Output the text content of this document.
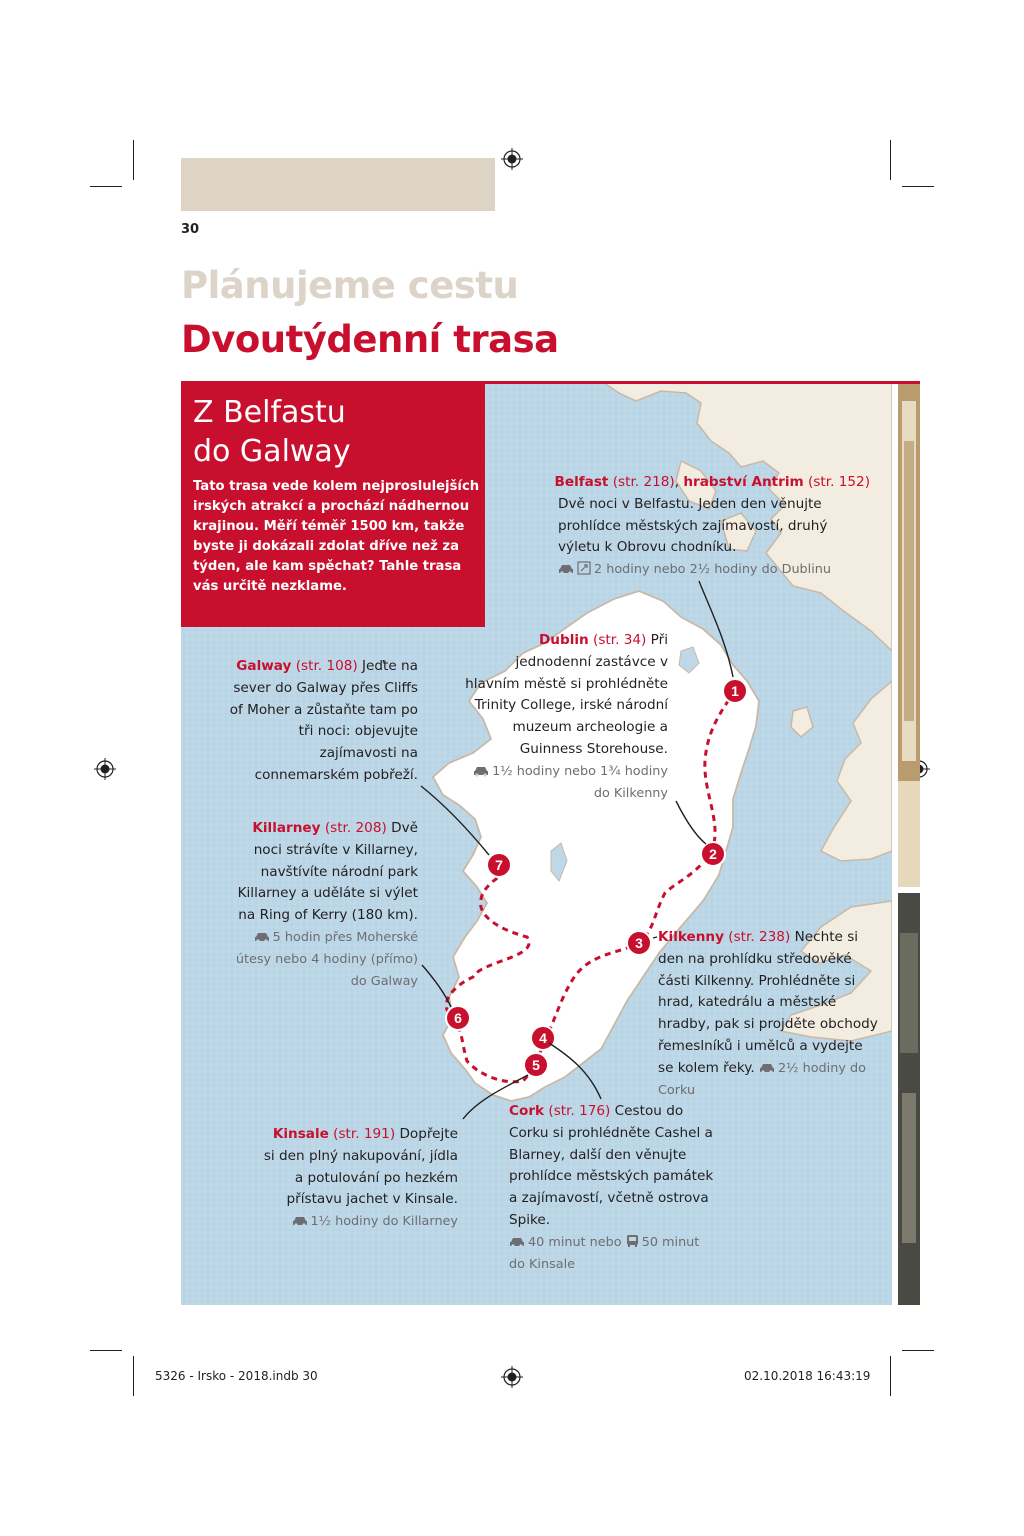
30
Plánujeme cestu
Dvoutýdenní trasa
1
2
3
4
5
6
7
Z Belfastu
do Galway
Tato trasa vede kolem nejproslulejších irských atrakcí a prochází nádhernou krajinou. Měří téměř 1500 km, takže byste ji dokázali zdolat dříve než za týden, ale kam spěchat? Tahle trasa vás určitě nezklame.
Belfast (str. 218), hrabství Antrim (str. 152)
Dvě noci v Belfastu. Jeden den věnujte prohlídce městských zajímavostí, druhý výletu k Obrovu chodníku.
2 hodiny nebo 2½ hodiny do Dublinu
Dublin (str. 34) Při jednodenní zastávce v hlavním městě si prohlédněte Trinity College, irské národní muzeum archeologie a Guinness Storehouse.
1½ hodiny nebo 1¾ hodiny do Kilkenny
Kilkenny (str. 238) Nechte si den na prohlídku středověké části Kilkenny. Prohlédněte si hrad, katedrálu a městské hradby, pak si projděte obchody řemeslníků i umělců a vydejte se kolem řeky. 2½ hodiny do Corku
Cork (str. 176) Cestou do Corku si prohlédněte Cashel a Blarney, další den věnujte prohlídce městských památek a zajímavostí, včetně ostrova Spike.
40 minut nebo 50 minut do Kinsale
Kinsale (str. 191) Dopřejte si den plný nakupování, jídla a potulování po hezkém přístavu jachet v Kinsale.
1½ hodiny do Killarney
Killarney (str. 208) Dvě noci strávíte v Killarney, navštívíte národní park Killarney a uděláte si výlet na Ring of Kerry (180 km).
5 hodin přes Moherské útesy nebo 4 hodiny (přímo) do Galway
Galway (str. 108) Jeďte na sever do Galway přes Cliffs of Moher a zůstaňte tam po tři noci: objevujte zajímavosti na connemarském pobřeží.
5326 - Irsko - 2018.indb 30	02.10.2018 16:43:19
